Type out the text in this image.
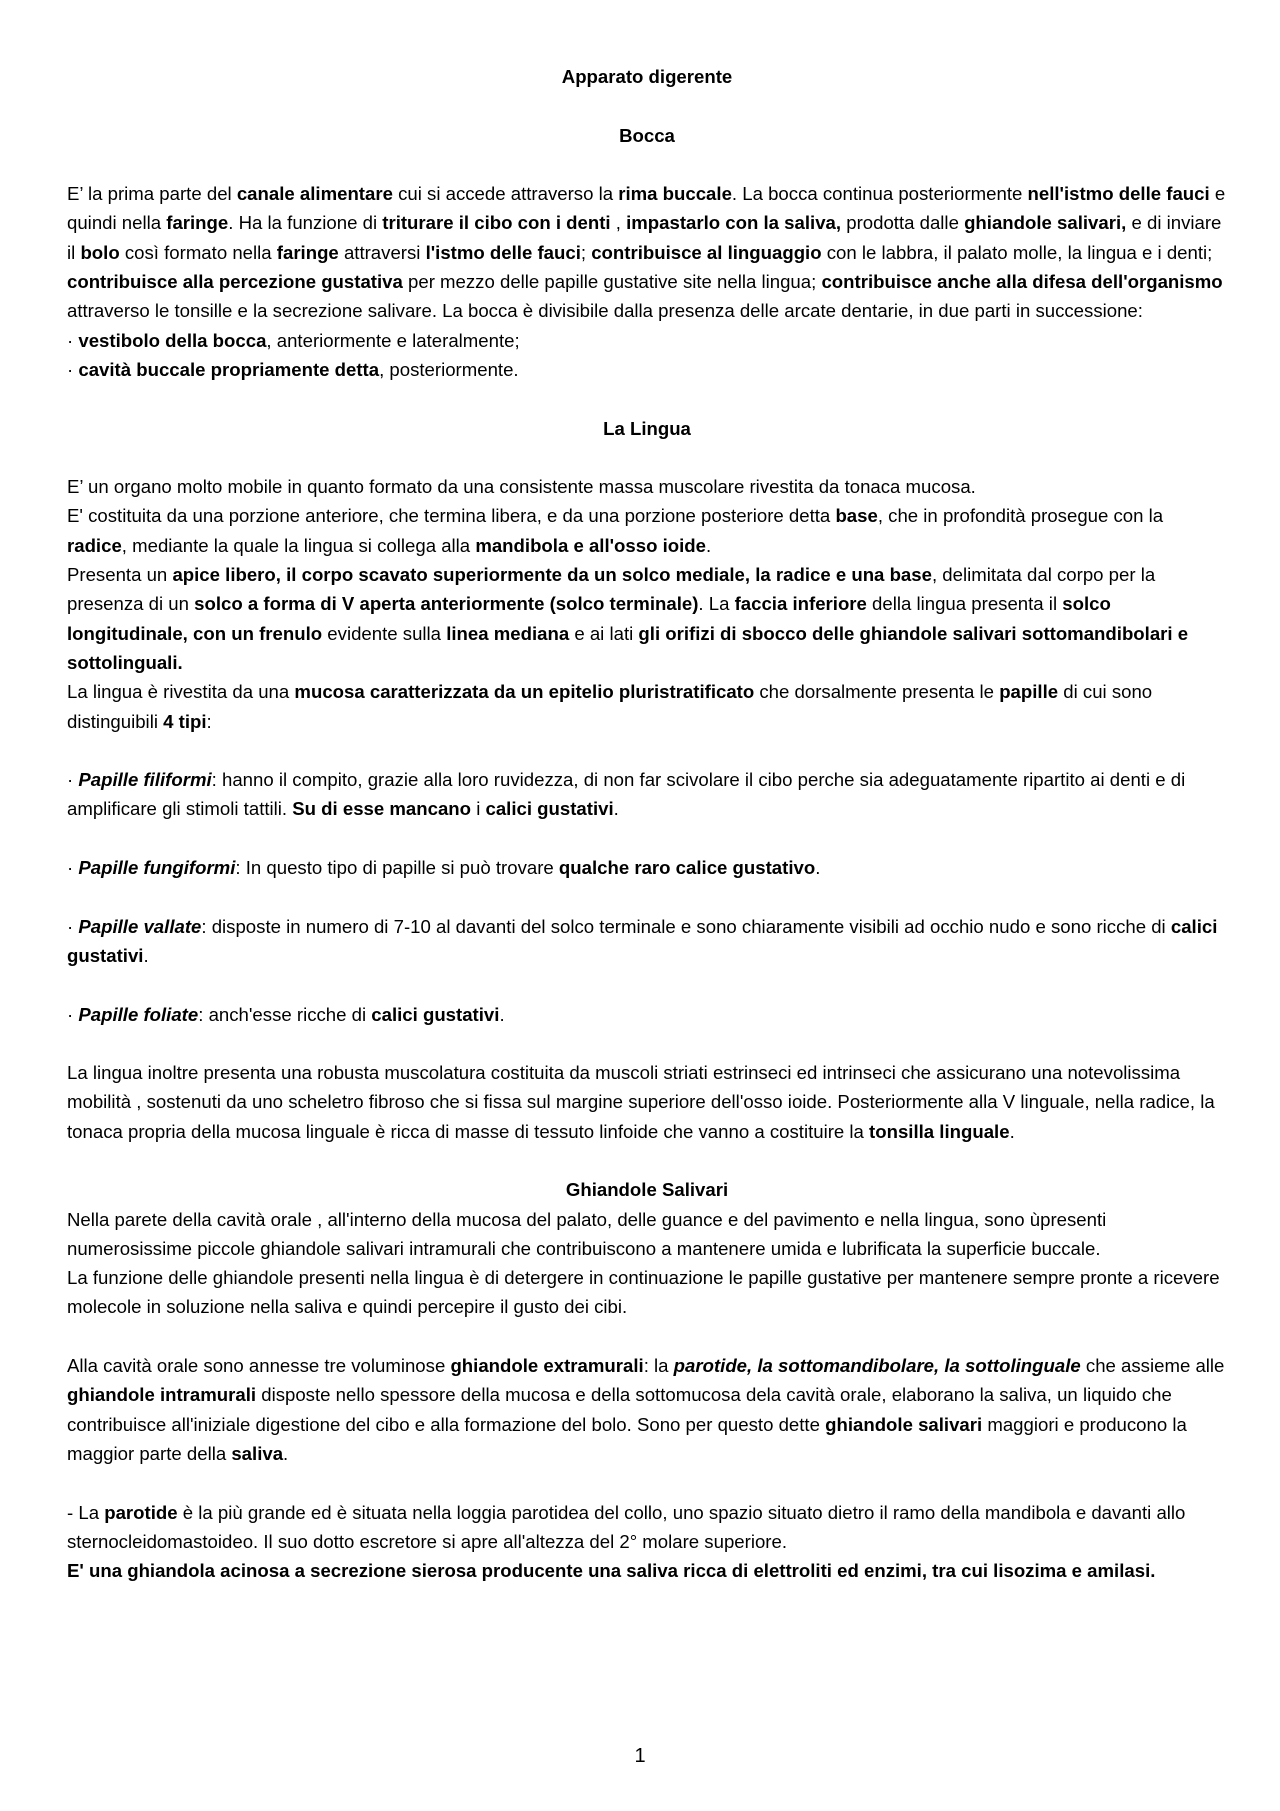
Apparato digerente
Bocca

E’ la prima parte del canale alimentare cui si accede attraverso la rima buccale. La bocca continua posteriormente nell'istmo delle fauci e quindi nella faringe. Ha la funzione di triturare il cibo con i denti , impastarlo con la saliva, prodotta dalle ghiandole salivari, e di inviare il bolo così formato nella faringe attraversi l'istmo delle fauci; contribuisce al linguaggio con le labbra, il palato molle, la lingua e i denti; contribuisce alla percezione gustativa per mezzo delle papille gustative site nella lingua; contribuisce anche alla difesa dell'organismo attraverso le tonsille e la secrezione salivare. La bocca è divisibile dalla presenza delle arcate dentarie, in due parti in successione:

· vestibolo della bocca, anteriormente e lateralmente;

· cavità buccale propriamente detta, posteriormente.

La Lingua

E’ un organo molto mobile in quanto formato da una consistente massa muscolare rivestita da tonaca mucosa.

E' costituita da una porzione anteriore, che termina libera, e da una porzione posteriore detta base, che in profondità prosegue con la radice, mediante la quale la lingua si collega alla mandibola e all'osso ioide.

Presenta un apice libero, il corpo scavato superiormente da un solco mediale, la radice e una base, delimitata dal corpo per la presenza di un solco a forma di V aperta anteriormente (solco terminale). La faccia inferiore della lingua presenta il solco longitudinale, con un frenulo evidente sulla linea mediana e ai lati gli orifizi di sbocco delle ghiandole salivari sottomandibolari e sottolinguali.

La lingua è rivestita da una mucosa caratterizzata da un epitelio pluristratificato che dorsalmente presenta le papille di cui sono distinguibili 4 tipi:

· Papille filiformi: hanno il compito, grazie alla loro ruvidezza, di non far scivolare il cibo perche sia adeguatamente ripartito ai denti e di amplificare gli stimoli tattili. Su di esse mancano i calici gustativi.

· Papille fungiformi: In questo tipo di papille si può trovare qualche raro calice gustativo.

· Papille vallate: disposte in numero di 7-10 al davanti del solco terminale e sono chiaramente visibili ad occhio nudo e sono ricche di calici gustativi.

· Papille foliate: anch'esse ricche di calici gustativi.

La lingua inoltre presenta una robusta muscolatura costituita da muscoli striati estrinseci ed intrinseci che assicurano una notevolissima mobilità , sostenuti da uno scheletro fibroso che si fissa sul margine superiore dell'osso ioide. Posteriormente alla V linguale, nella radice, la tonaca propria della mucosa linguale è ricca di masse di tessuto linfoide che vanno a costituire la tonsilla linguale.

Ghiandole Salivari

Nella parete della cavità orale , all'interno della mucosa del palato, delle guance e del pavimento e nella lingua, sono ùpresenti numerosissime piccole ghiandole salivari intramurali che contribuiscono a mantenere umida e lubrificata la superficie buccale.

La funzione delle ghiandole presenti nella lingua è di detergere in continuazione le papille gustative per mantenere sempre pronte a ricevere molecole in soluzione nella saliva e quindi percepire il gusto dei cibi.

Alla cavità orale sono annesse tre voluminose ghiandole extramurali: la parotide, la sottomandibolare, la sottolinguale che assieme alle ghiandole intramurali disposte nello spessore della mucosa e della sottomucosa dela cavità orale, elaborano la saliva, un liquido che contribuisce all'iniziale digestione del cibo e alla formazione del bolo. Sono per questo dette ghiandole salivari maggiori e producono la maggior parte della saliva.

- La parotide è la più grande ed è situata nella loggia parotidea del collo, uno spazio situato dietro il ramo della mandibola e davanti allo sternocleidomastoideo. Il suo dotto escretore si apre all'altezza del 2° molare superiore.

E' una ghiandola acinosa a secrezione sierosa producente una saliva ricca di elettroliti ed enzimi, tra cui lisozima e amilasi.

1
